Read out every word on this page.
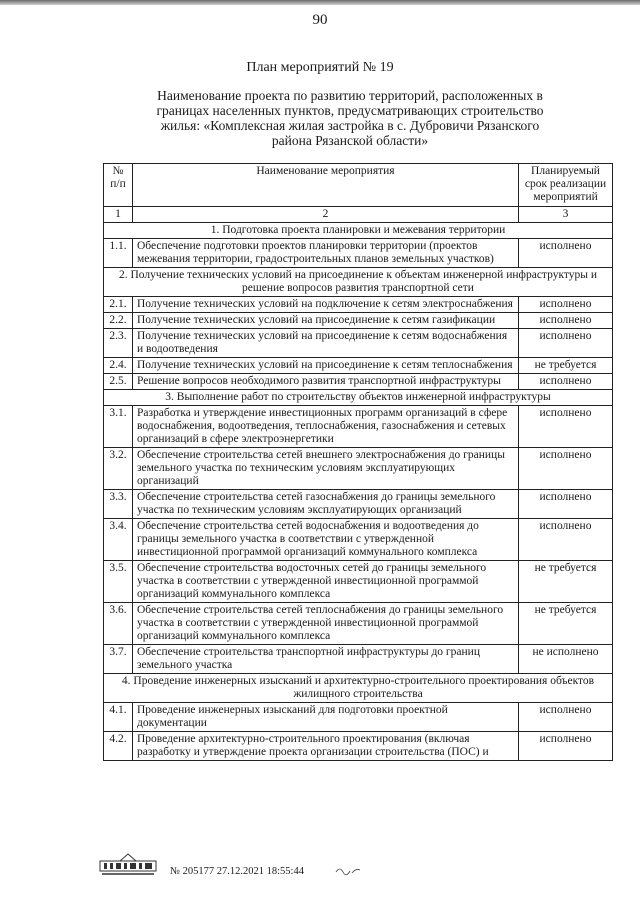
90
План мероприятий № 19
Наименование проекта по развитию территорий, расположенных в границах населенных пунктов, предусматривающих строительство жилья: «Комплексная жилая застройка в с. Дубровичи Рязанского района Рязанской области»
№ п/п	Наименование мероприятия	Планируемый срок реализации мероприятий
1	2	3
1. Подготовка проекта планировки и межевания территории		
1.1.	Обеспечение подготовки проектов планировки территории (проектов межевания территории, градостроительных планов земельных участков)	исполнено
2. Получение технических условий на присоединение к объектам инженерной инфраструктуры и решение вопросов развития транспортной сети		
2.1.	Получение технических условий на подключение к сетям электроснабжения	исполнено
2.2.	Получение технических условий на присоединение к сетям газификации	исполнено
2.3.	Получение технических условий на присоединение к сетям водоснабжения и водоотведения	исполнено
2.4.	Получение технических условий на присоединение к сетям теплоснабжения	не требуется
2.5.	Решение вопросов необходимого развития транспортной инфраструктуры	исполнено
3. Выполнение работ по строительству объектов инженерной инфраструктуры		
3.1.	Разработка и утверждение инвестиционных программ организаций в сфере водоснабжения, водоотведения, теплоснабжения, газоснабжения и сетевых организаций в сфере электроэнергетики	исполнено
3.2.	Обеспечение строительства сетей внешнего электроснабжения до границы земельного участка по техническим условиям эксплуатирующих организаций	исполнено
3.3.	Обеспечение строительства сетей газоснабжения до границы земельного участка по техническим условиям эксплуатирующих организаций	исполнено
3.4.	Обеспечение строительства сетей водоснабжения и водоотведения до границы земельного участка в соответствии с утвержденной инвестиционной программой организаций коммунального комплекса	исполнено
3.5.	Обеспечение строительства водосточных сетей до границы земельного участка в соответствии с утвержденной инвестиционной программой организаций коммунального комплекса	не требуется
3.6.	Обеспечение строительства сетей теплоснабжения до границы земельного участка в соответствии с утвержденной инвестиционной программой организаций коммунального комплекса	не требуется
3.7.	Обеспечение строительства транспортной инфраструктуры до границ земельного участка	не исполнено
4. Проведение инженерных изысканий и архитектурно-строительного проектирования объектов жилищного строительства		
4.1.	Проведение инженерных изысканий для подготовки проектной документации	исполнено
4.2.	Проведение архитектурно-строительного проектирования (включая разработку и утверждение проекта организации строительства (ПОС) и	исполнено
№ 205177 27.12.2021 18:55:44
